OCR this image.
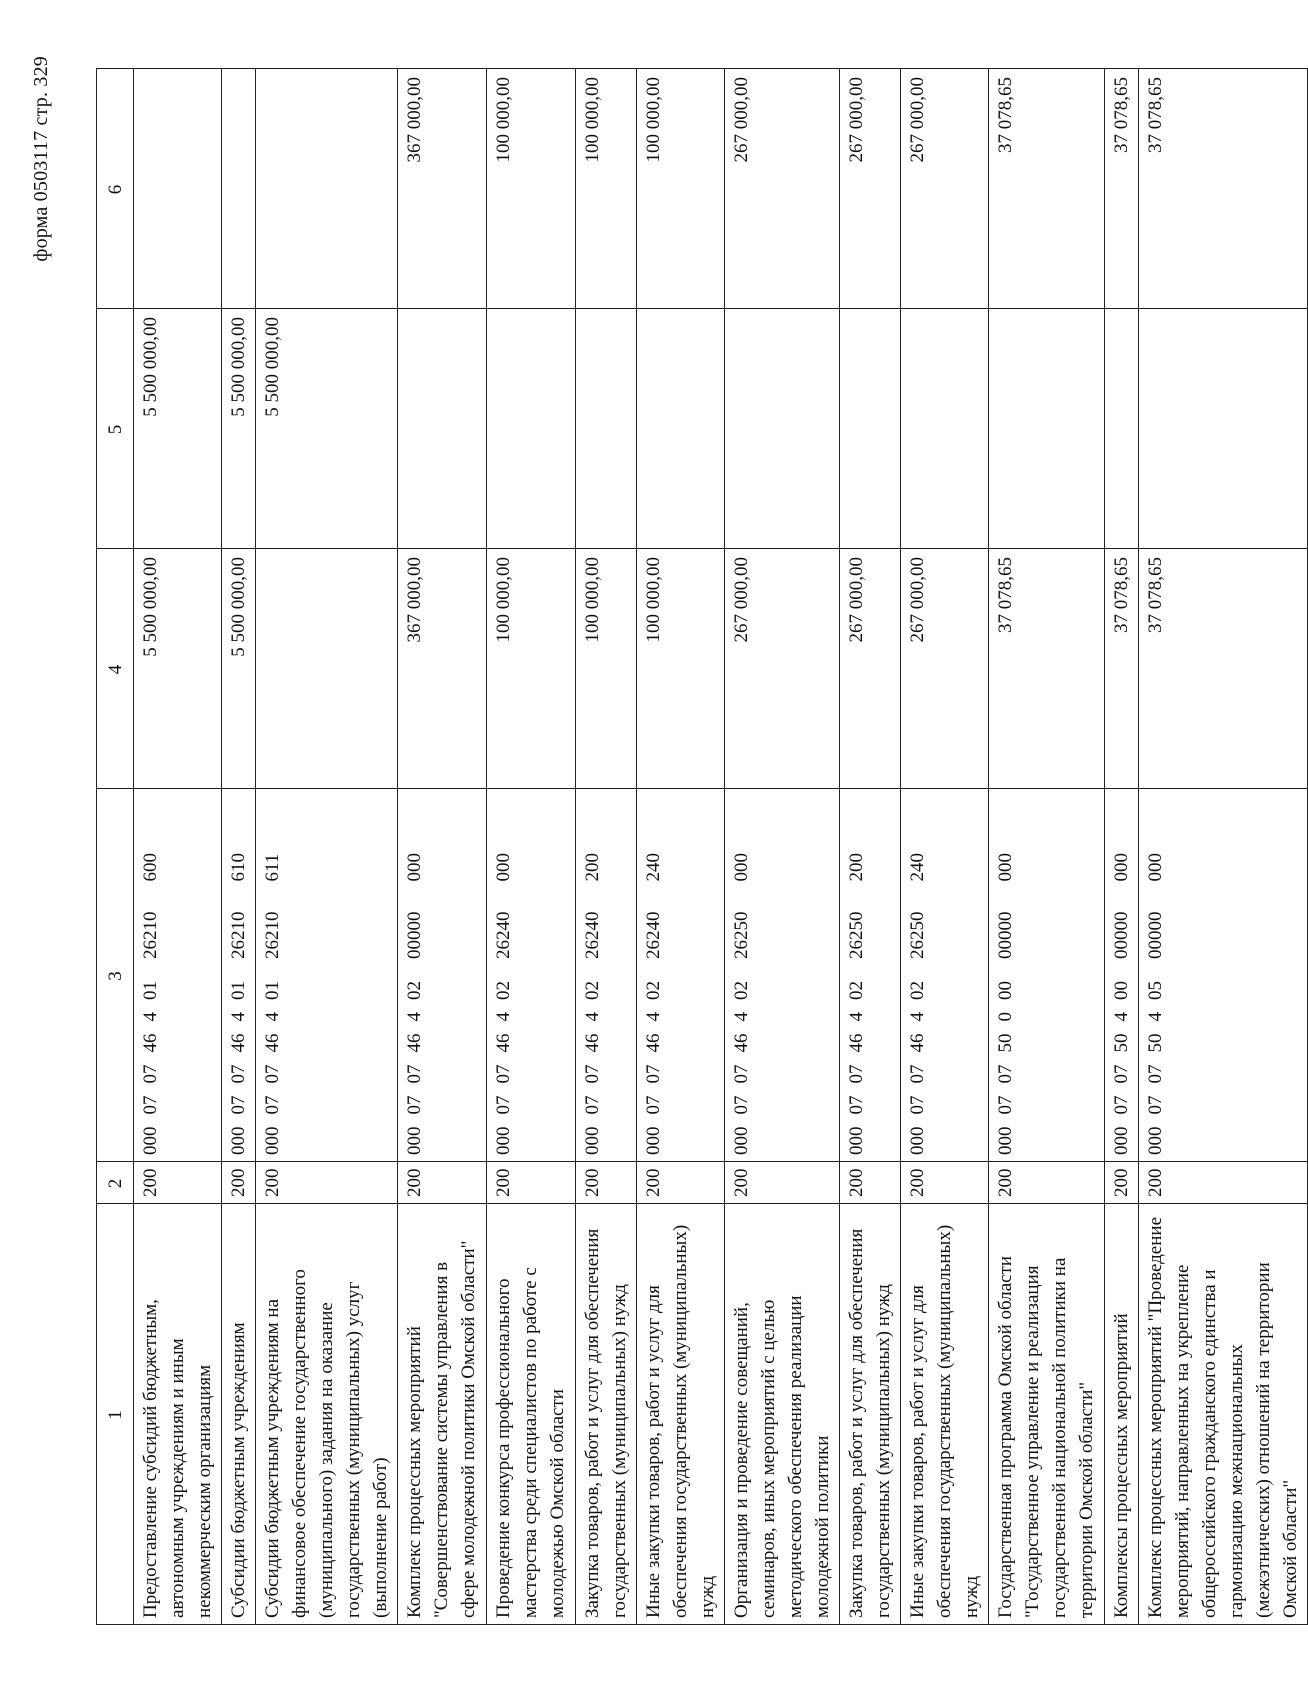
форма 0503117 стр. 329
1	2	3	4	5	6
Предоставление субсидий бюджетным, автономным учреждениям и иным некоммерческим организациям	200	00007074640126210600	5 500 000,00	5 500 000,00	
Субсидии бюджетным учреждениям	200	00007074640126210610	5 500 000,00	5 500 000,00	
Субсидии бюджетным учреждениям на финансовое обеспечение государственного (муниципального) задания на оказание государственных (муниципальных) услуг (выполнение работ)	200	00007074640126210611		5 500 000,00	
Комплекс процессных мероприятий "Совершенствование системы управления в сфере молодежной политики Омской области"	200	00007074640200000000	367 000,00		367 000,00
Проведение конкурса профессионального мастерства среди специалистов по работе с молодежью Омской области	200	00007074640226240000	100 000,00		100 000,00
Закупка товаров, работ и услуг для обеспечения государственных (муниципальных) нужд	200	00007074640226240200	100 000,00		100 000,00
Иные закупки товаров, работ и услуг для обеспечения государственных (муниципальных) нужд	200	00007074640226240240	100 000,00		100 000,00
Организация и проведение совещаний, семинаров, иных мероприятий с целью методического обеспечения реализации молодежной политики	200	00007074640226250000	267 000,00		267 000,00
Закупка товаров, работ и услуг для обеспечения государственных (муниципальных) нужд	200	00007074640226250200	267 000,00		267 000,00
Иные закупки товаров, работ и услуг для обеспечения государственных (муниципальных) нужд	200	00007074640226250240	267 000,00		267 000,00
Государственная программа Омской области "Государственное управление и реализация государственной национальной политики на территории Омской области"	200	00007075000000000000	37 078,65		37 078,65
Комплексы процессных мероприятий	200	00007075040000000000	37 078,65		37 078,65
Комплекс процессных мероприятий "Проведение мероприятий, направленных на укрепление общероссийского гражданского единства и гармонизацию межнациональных (межэтнических) отношений на территории Омской области"	200	00007075040500000000	37 078,65		37 078,65
